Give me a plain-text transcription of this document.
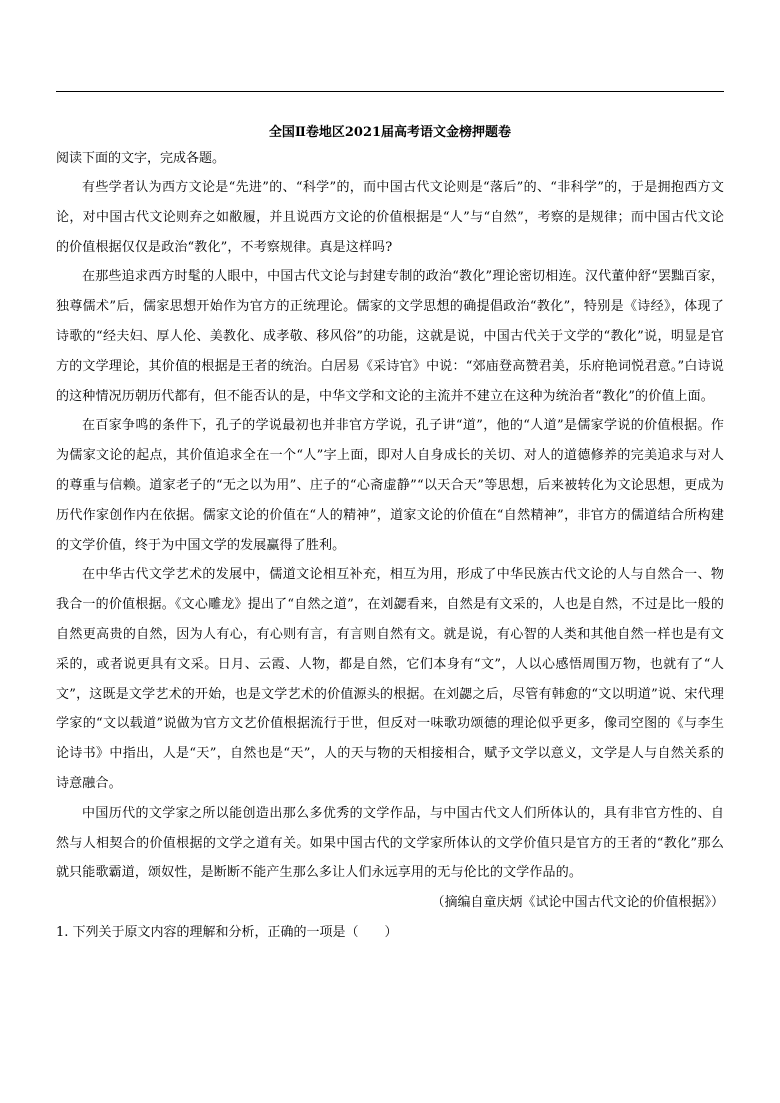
全国Ⅱ卷地区2021届高考语文金榜押题卷

阅读下面的文字，完成各题。

有些学者认为西方文论是“先进”的、“科学”的，而中国古代文论则是“落后”的、“非科学”的，于是拥抱西方文论，对中国古代文论则弃之如敝履，并且说西方文论的价值根据是“人”与“自然”，考察的是规律；而中国古代文论的价值根据仅仅是政治“教化”，不考察规律。真是这样吗?

在那些追求西方时髦的人眼中，中国古代文论与封建专制的政治“教化”理论密切相连。汉代董仲舒“罢黜百家，独尊儒术”后，儒家思想开始作为官方的正统理论。儒家的文学思想的确提倡政治“教化”，特别是《诗经》，体现了诗歌的“经夫妇、厚人伦、美教化、成孝敬、移风俗”的功能，这就是说，中国古代关于文学的“教化”说，明显是官方的文学理论，其价值的根据是王者的统治。白居易《采诗官》中说：“郊庙登高赞君美，乐府艳词悦君意。”白诗说的这种情况历朝历代都有，但不能否认的是，中华文学和文论的主流并不建立在这种为统治者“教化”的价值上面。

在百家争鸣的条件下，孔子的学说最初也并非官方学说，孔子讲“道”，他的“人道”是儒家学说的价值根据。作为儒家文论的起点，其价值追求全在一个“人”字上面，即对人自身成长的关切、对人的道德修养的完美追求与对人的尊重与信赖。道家老子的“无之以为用”、庄子的“心斋虚静”“以天合天”等思想，后来被转化为文论思想，更成为历代作家创作内在依据。儒家文论的价值在“人的精神”，道家文论的价值在“自然精神”，非官方的儒道结合所构建的文学价值，终于为中国文学的发展赢得了胜利。

在中华古代文学艺术的发展中，儒道文论相互补充，相互为用，形成了中华民族古代文论的人与自然合一、物我合一的价值根据。《文心雕龙》提出了“自然之道”，在刘勰看来，自然是有文采的，人也是自然，不过是比一般的自然更高贵的自然，因为人有心，有心则有言，有言则自然有文。就是说，有心智的人类和其他自然一样也是有文采的，或者说更具有文采。日月、云霞、人物，都是自然，它们本身有“文”，人以心感悟周围万物，也就有了“人文”，这既是文学艺术的开始，也是文学艺术的价值源头的根据。在刘勰之后，尽管有韩愈的“文以明道”说、宋代理学家的“文以载道”说做为官方文艺价值根据流行于世，但反对一味歌功颂德的理论似乎更多，像司空图的《与李生论诗书》中指出，人是“天”，自然也是“天”，人的天与物的天相接相合，赋予文学以意义，文学是人与自然关系的诗意融合。

中国历代的文学家之所以能创造出那么多优秀的文学作品，与中国古代文人们所体认的，具有非官方性的、自然与人相契合的价值根据的文学之道有关。如果中国古代的文学家所体认的文学价值只是官方的王者的“教化”那么就只能歌霸道，颂奴性，是断断不能产生那么多让人们永远享用的无与伦比的文学作品的。

（摘编自童庆炳《试论中国古代文论的价值根据》）

1. 下列关于原文内容的理解和分析，正确的一项是（　　）
